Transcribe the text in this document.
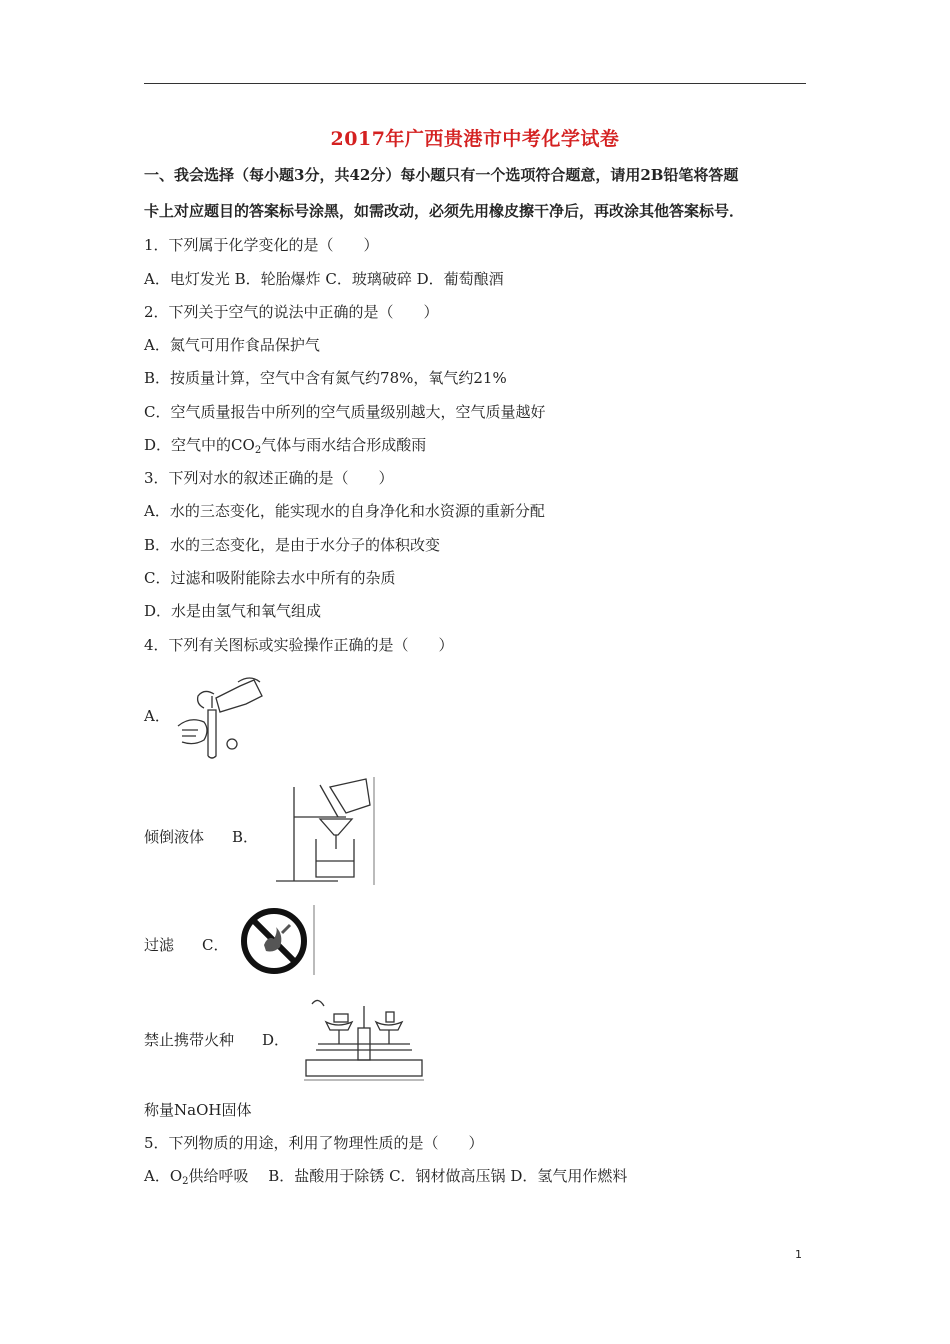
2017年广西贵港市中考化学试卷
一、我会选择（每小题3分，共42分）每小题只有一个选项符合题意，请用2B铅笔将答题
卡上对应题目的答案标号涂黑，如需改动，必须先用橡皮擦干净后，再改涂其他答案标号．
1．下列属于化学变化的是（　　）
A．电灯发光 B．轮胎爆炸 C．玻璃破碎 D．葡萄酿酒
2．下列关于空气的说法中正确的是（　　）
A．氮气可用作食品保护气
B．按质量计算，空气中含有氮气约78%，氧气约21%
C．空气质量报告中所列的空气质量级别越大，空气质量越好
D．空气中的$CO_2$气体与雨水结合形成酸雨
3．下列对水的叙述正确的是（　　）
A．水的三态变化，能实现水的自身净化和水资源的重新分配
B．水的三态变化，是由于水分子的体积改变
C．过滤和吸附能除去水中所有的杂质
D．水是由氢气和氧气组成
4．下列有关图标或实验操作正确的是（　　）
A．
倾倒液体 B．
过滤 C．
禁止携带火种 D．
称量NaOH固体
5．下列物质的用途，利用了物理性质的是（　　）
A．$O_2$供给呼吸　 B．盐酸用于除锈 C．钢材做高压锅 D．氢气用作燃料
1
